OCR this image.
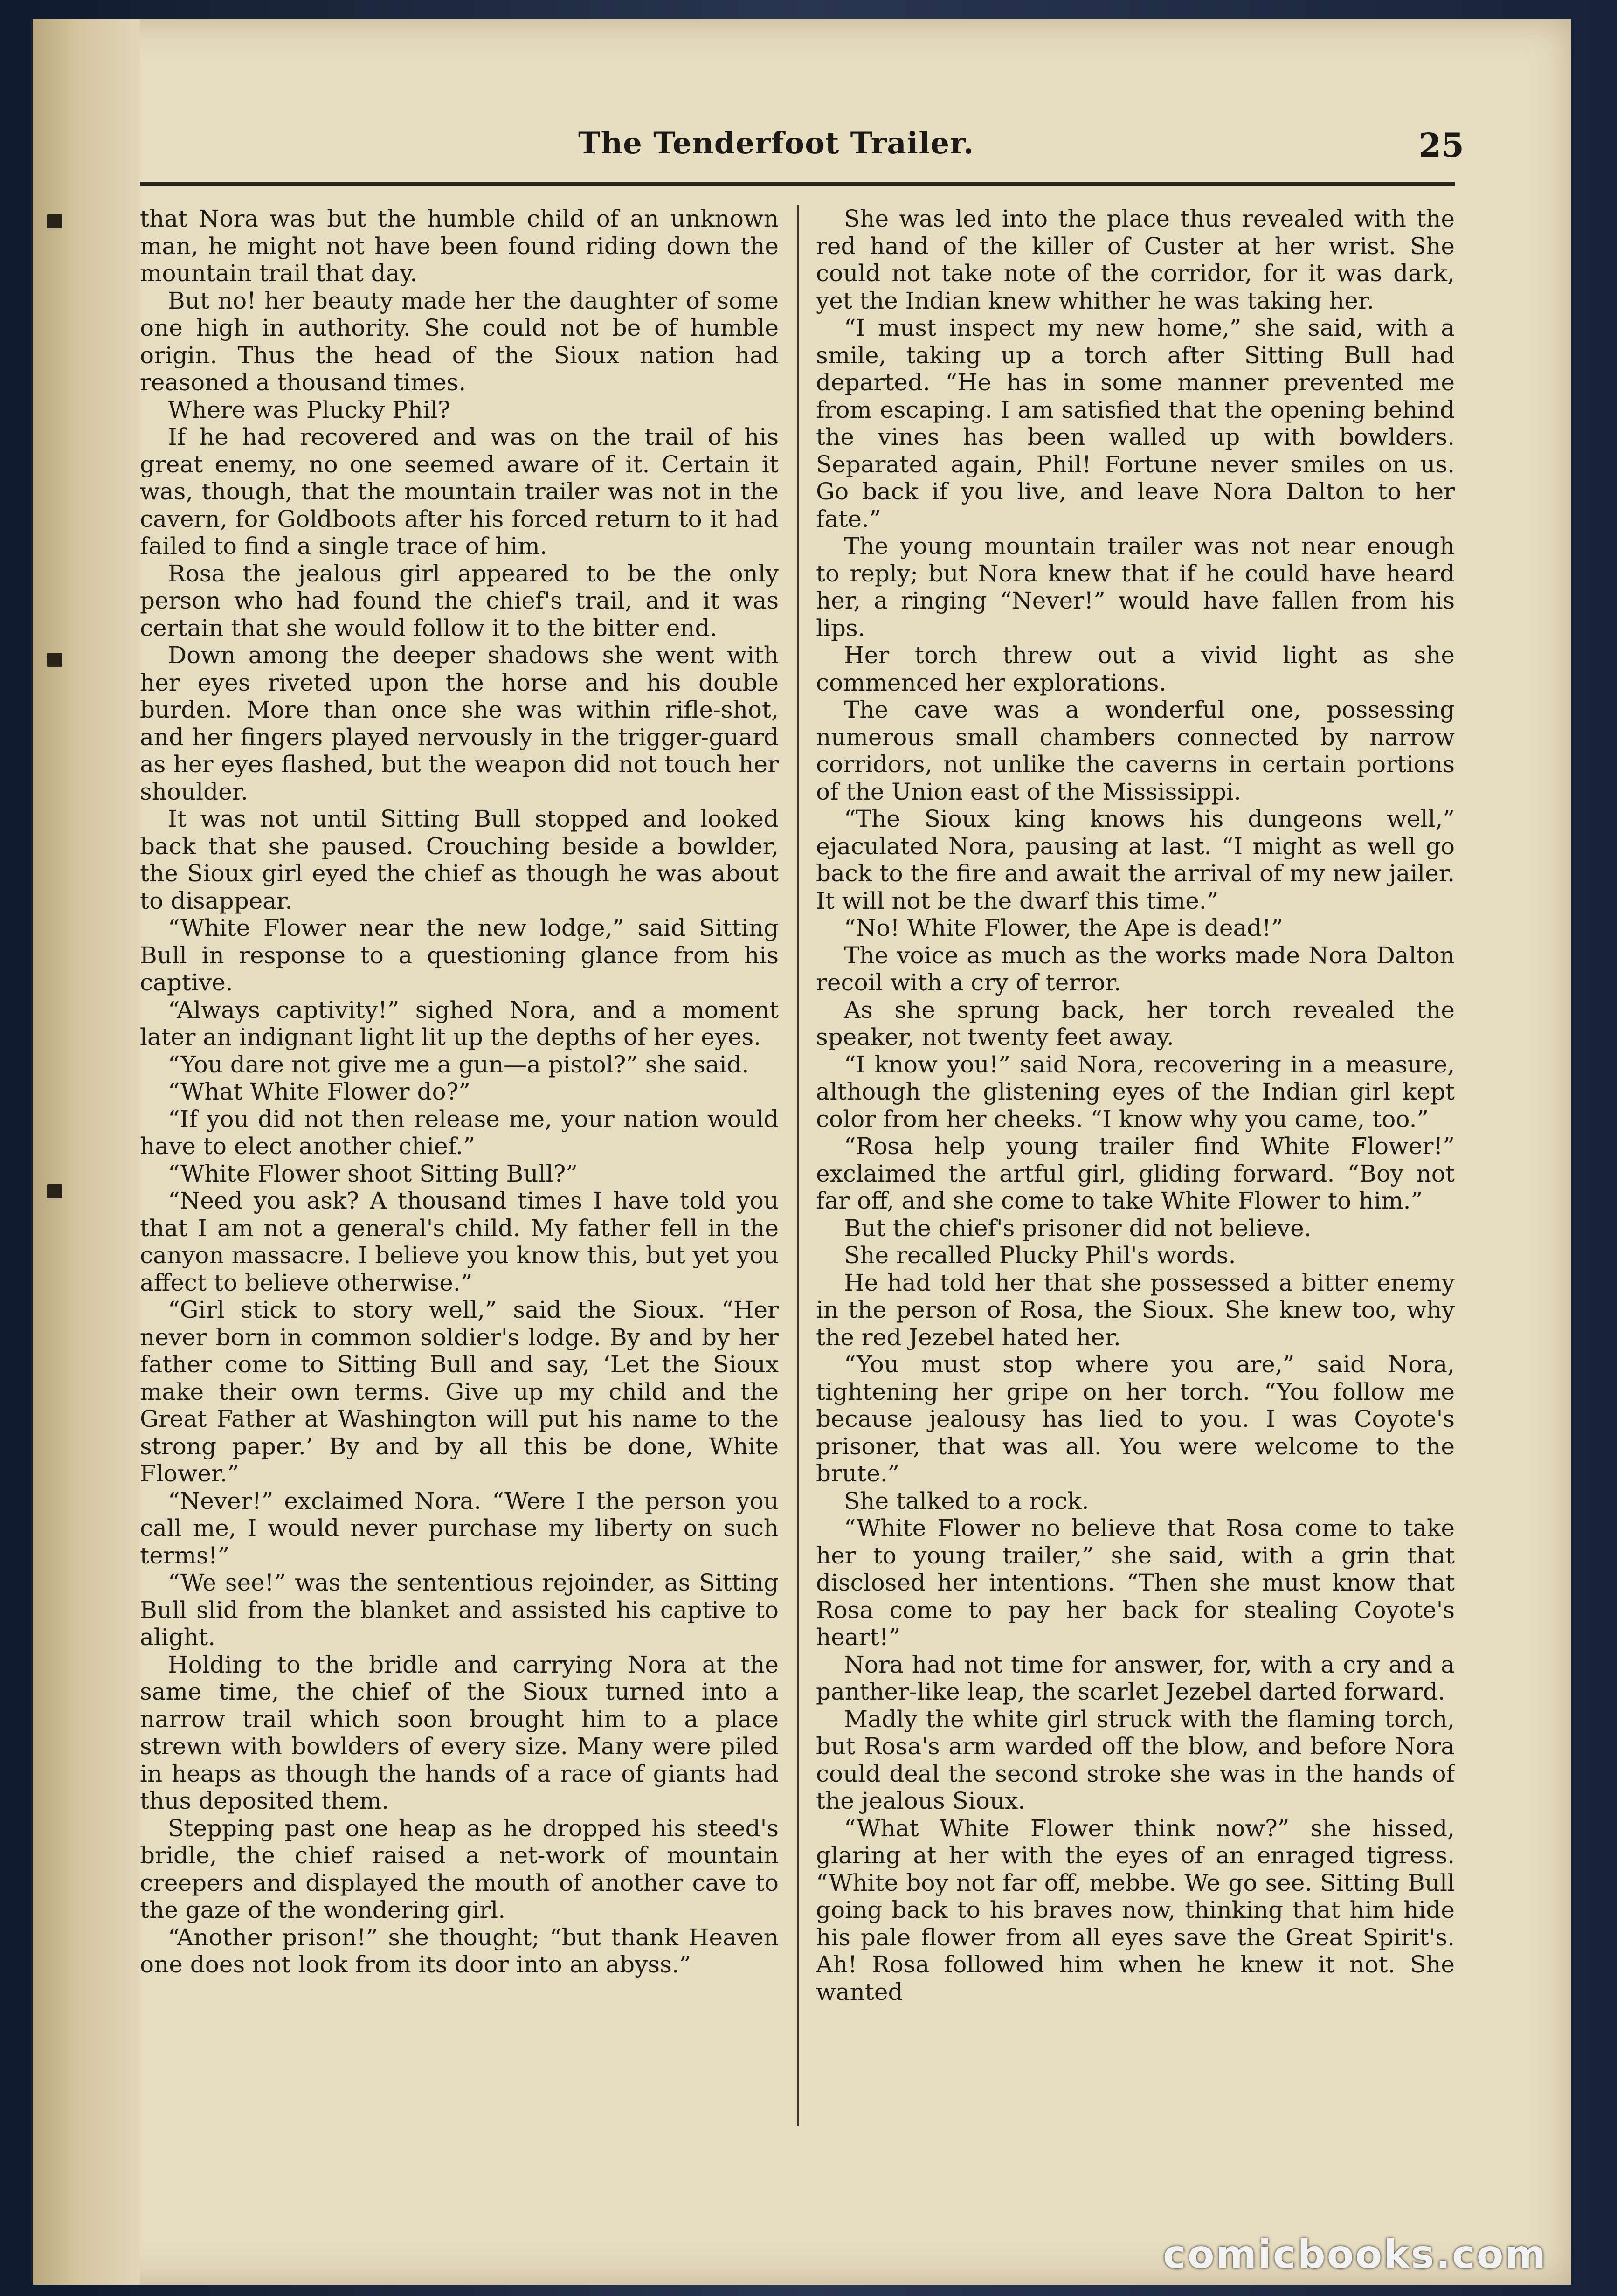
The Tenderfoot Trailer.	25

that Nora was but the humble child of an unknown man, he might not have been found riding down the mountain trail that day.

But no! her beauty made her the daughter of some one high in authority. She could not be of humble origin. Thus the head of the Sioux nation had reasoned a thousand times.

Where was Plucky Phil?

If he had recovered and was on the trail of his great enemy, no one seemed aware of it. Certain it was, though, that the mountain trailer was not in the cavern, for Goldboots after his forced return to it had failed to find a single trace of him.

Rosa the jealous girl appeared to be the only person who had found the chief's trail, and it was certain that she would follow it to the bitter end.

Down among the deeper shadows she went with her eyes riveted upon the horse and his double burden. More than once she was within rifle-shot, and her fingers played nervously in the trigger-guard as her eyes flashed, but the weapon did not touch her shoulder.

It was not until Sitting Bull stopped and looked back that she paused. Crouching beside a bowlder, the Sioux girl eyed the chief as though he was about to disappear.

“White Flower near the new lodge,” said Sitting Bull in response to a questioning glance from his captive.

“Always captivity!” sighed Nora, and a moment later an indignant light lit up the depths of her eyes.

“You dare not give me a gun—a pistol?” she said.

“What White Flower do?”

“If you did not then release me, your nation would have to elect another chief.”

“White Flower shoot Sitting Bull?”

“Need you ask? A thousand times I have told you that I am not a general's child. My father fell in the canyon massacre. I believe you know this, but yet you affect to believe otherwise.”

“Girl stick to story well,” said the Sioux. “Her never born in common soldier's lodge. By and by her father come to Sitting Bull and say, ‘Let the Sioux make their own terms. Give up my child and the Great Father at Washington will put his name to the strong paper.’ By and by all this be done, White Flower.”

“Never!” exclaimed Nora. “Were I the person you call me, I would never purchase my liberty on such terms!”

“We see!” was the sententious rejoinder, as Sitting Bull slid from the blanket and assisted his captive to alight.

Holding to the bridle and carrying Nora at the same time, the chief of the Sioux turned into a narrow trail which soon brought him to a place strewn with bowlders of every size. Many were piled in heaps as though the hands of a race of giants had thus deposited them.

Stepping past one heap as he dropped his steed's bridle, the chief raised a net-work of mountain creepers and displayed the mouth of another cave to the gaze of the wondering girl.

“Another prison!” she thought; “but thank Heaven one does not look from its door into an abyss.”

She was led into the place thus revealed with the red hand of the killer of Custer at her wrist. She could not take note of the corridor, for it was dark, yet the Indian knew whither he was taking her.

“I must inspect my new home,” she said, with a smile, taking up a torch after Sitting Bull had departed. “He has in some manner prevented me from escaping. I am satisfied that the opening behind the vines has been walled up with bowlders. Separated again, Phil! Fortune never smiles on us. Go back if you live, and leave Nora Dalton to her fate.”

The young mountain trailer was not near enough to reply; but Nora knew that if he could have heard her, a ringing “Never!” would have fallen from his lips.

Her torch threw out a vivid light as she commenced her explorations.

The cave was a wonderful one, possessing numerous small chambers connected by narrow corridors, not unlike the caverns in certain portions of the Union east of the Mississippi.

“The Sioux king knows his dungeons well,” ejaculated Nora, pausing at last. “I might as well go back to the fire and await the arrival of my new jailer. It will not be the dwarf this time.”

“No! White Flower, the Ape is dead!”

The voice as much as the works made Nora Dalton recoil with a cry of terror.

As she sprung back, her torch revealed the speaker, not twenty feet away.

“I know you!” said Nora, recovering in a measure, although the glistening eyes of the Indian girl kept color from her cheeks. “I know why you came, too.”

“Rosa help young trailer find White Flower!” exclaimed the artful girl, gliding forward. “Boy not far off, and she come to take White Flower to him.”

But the chief's prisoner did not believe.

She recalled Plucky Phil's words.

He had told her that she possessed a bitter enemy in the person of Rosa, the Sioux. She knew too, why the red Jezebel hated her.

“You must stop where you are,” said Nora, tightening her gripe on her torch. “You follow me because jealousy has lied to you. I was Coyote's prisoner, that was all. You were welcome to the brute.”

She talked to a rock.

“White Flower no believe that Rosa come to take her to young trailer,” she said, with a grin that disclosed her intentions. “Then she must know that Rosa come to pay her back for stealing Coyote's heart!”

Nora had not time for answer, for, with a cry and a panther-like leap, the scarlet Jezebel darted forward.

Madly the white girl struck with the flaming torch, but Rosa's arm warded off the blow, and before Nora could deal the second stroke she was in the hands of the jealous Sioux.

“What White Flower think now?” she hissed, glaring at her with the eyes of an enraged tigress. “White boy not far off, mebbe. We go see. Sitting Bull going back to his braves now, thinking that him hide his pale flower from all eyes save the Great Spirit's. Ah! Rosa followed him when he knew it not. She wanted

comicbooks.com
